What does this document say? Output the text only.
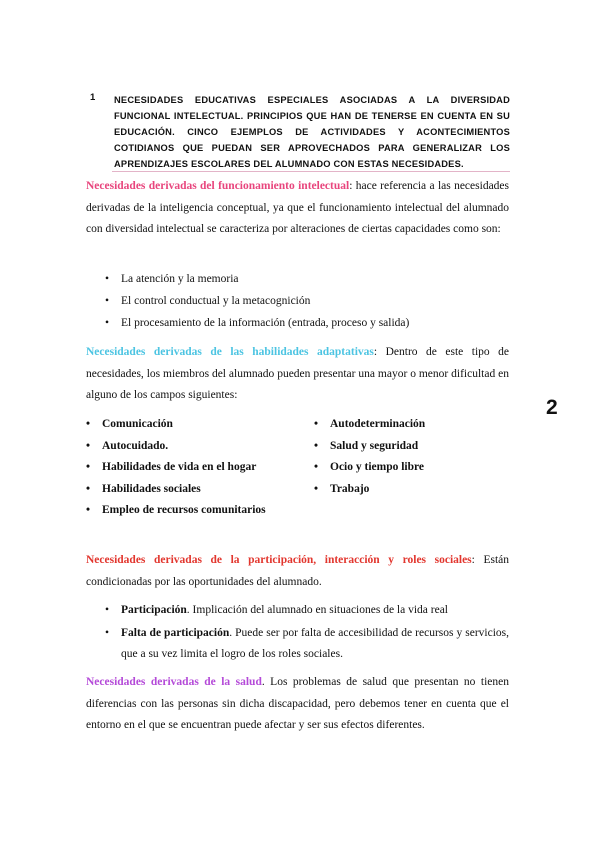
1 NECESIDADES EDUCATIVAS ESPECIALES ASOCIADAS A LA DIVERSIDAD FUNCIONAL INTELECTUAL. PRINCIPIOS QUE HAN DE TENERSE EN CUENTA EN SU EDUCACIÓN. CINCO EJEMPLOS DE ACTIVIDADES Y ACONTECIMIENTOS COTIDIANOS QUE PUEDAN SER APROVECHADOS PARA GENERALIZAR LOS APRENDIZAJES ESCOLARES DEL ALUMNADO CON ESTAS NECESIDADES.
Necesidades derivadas del funcionamiento intelectual: hace referencia a las necesidades derivadas de la inteligencia conceptual, ya que el funcionamiento intelectual del alumnado con diversidad intelectual se caracteriza por alteraciones de ciertas capacidades como son:
• La atención y la memoria
• El control conductual y la metacognición
• El procesamiento de la información (entrada, proceso y salida)
Necesidades derivadas de las habilidades adaptativas: Dentro de este tipo de necesidades, los miembros del alumnado pueden presentar una mayor o menor dificultad en alguno de los campos siguientes:
• Comunicación
• Autocuidado.
• Habilidades de vida en el hogar
• Habilidades sociales
• Empleo de recursos comunitarios
• Autodeterminación
• Salud y seguridad
• Ocio y tiempo libre
• Trabajo
Necesidades derivadas de la participación, interacción y roles sociales: Están condicionadas por las oportunidades del alumnado.
• Participación. Implicación del alumnado en situaciones de la vida real
• Falta de participación. Puede ser por falta de accesibilidad de recursos y servicios, que a su vez limita el logro de los roles sociales.
Necesidades derivadas de la salud. Los problemas de salud que presentan no tienen diferencias con las personas sin dicha discapacidad, pero debemos tener en cuenta que el entorno en el que se encuentran puede afectar y ser sus efectos diferentes.
2
